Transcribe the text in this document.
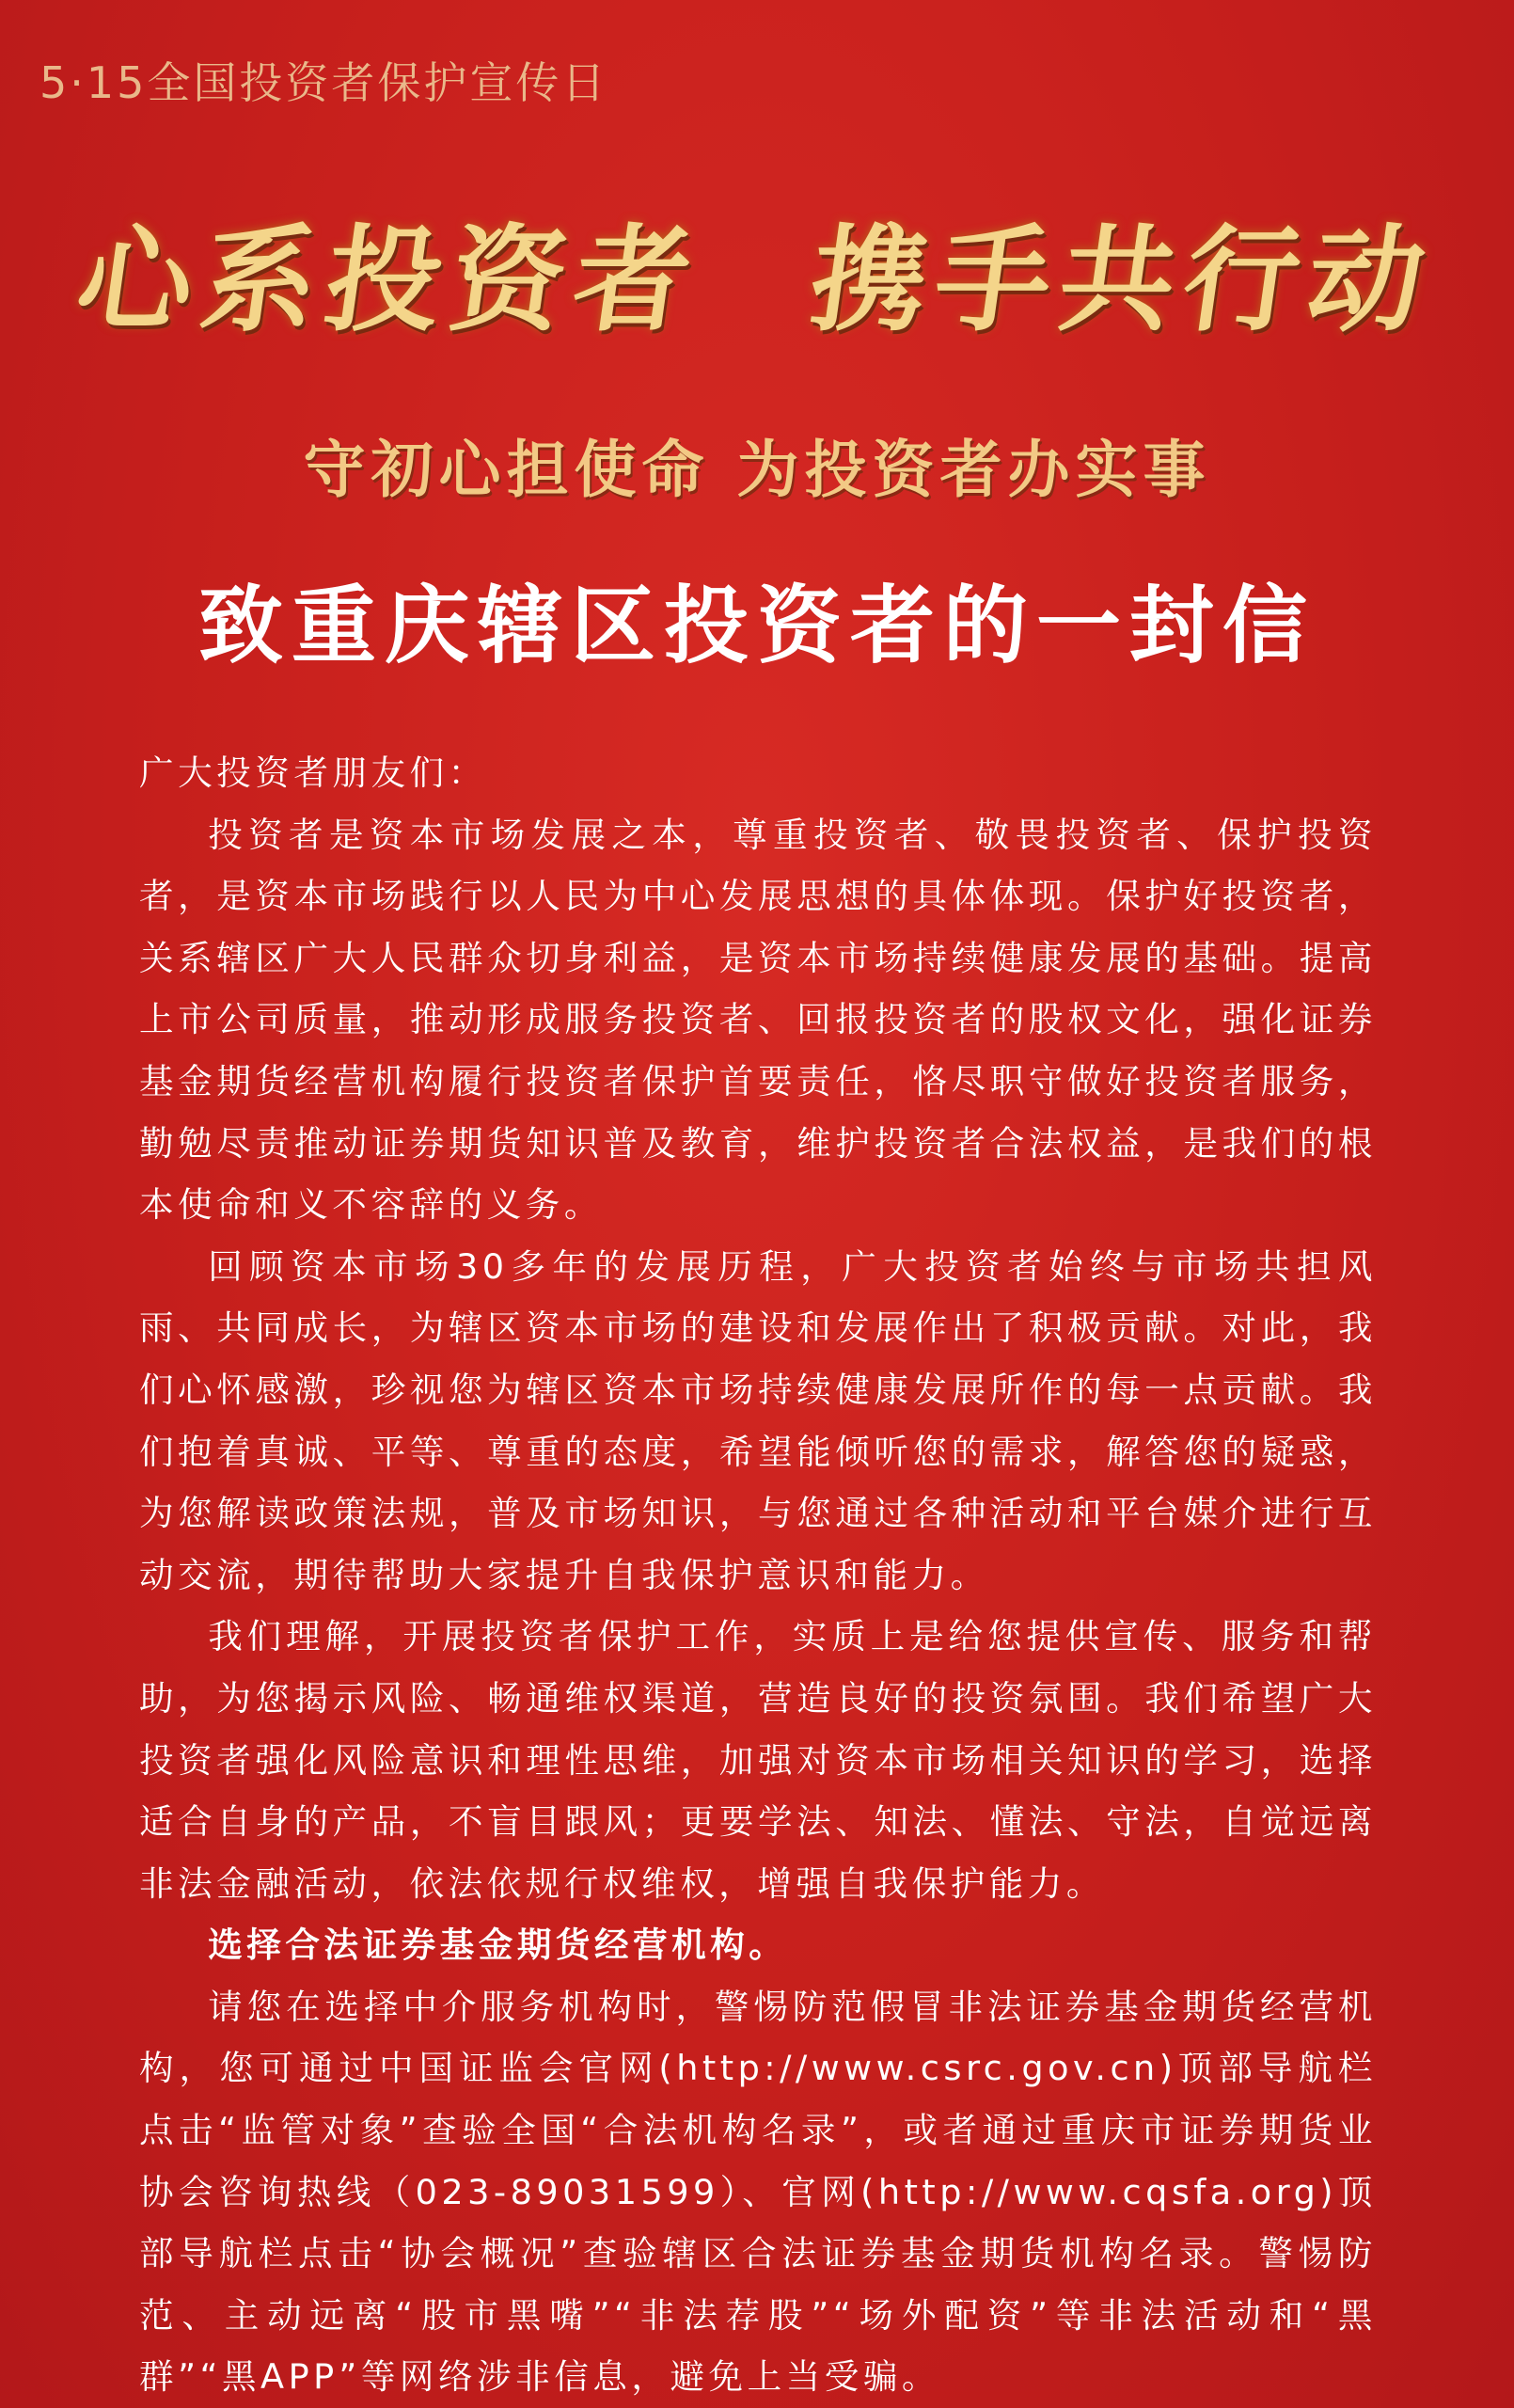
5·15全国投资者保护宣传日
心系投资者 携手共行动
守初心担使命 为投资者办实事
致重庆辖区投资者的一封信

广大投资者朋友们：

投资者是资本市场发展之本，尊重投资者、敬畏投资者、保护投资者，是资本市场践行以人民为中心发展思想的具体体现。保护好投资者，关系辖区广大人民群众切身利益，是资本市场持续健康发展的基础。提高上市公司质量，推动形成服务投资者、回报投资者的股权文化，强化证券基金期货经营机构履行投资者保护首要责任，恪尽职守做好投资者服务，勤勉尽责推动证券期货知识普及教育，维护投资者合法权益，是我们的根本使命和义不容辞的义务。

回顾资本市场30多年的发展历程，广大投资者始终与市场共担风雨、共同成长，为辖区资本市场的建设和发展作出了积极贡献。对此，我们心怀感激，珍视您为辖区资本市场持续健康发展所作的每一点贡献。我们抱着真诚、平等、尊重的态度，希望能倾听您的需求，解答您的疑惑，为您解读政策法规，普及市场知识，与您通过各种活动和平台媒介进行互动交流，期待帮助大家提升自我保护意识和能力。

我们理解，开展投资者保护工作，实质上是给您提供宣传、服务和帮助，为您揭示风险、畅通维权渠道，营造良好的投资氛围。我们希望广大投资者强化风险意识和理性思维，加强对资本市场相关知识的学习，选择适合自身的产品，不盲目跟风；更要学法、知法、懂法、守法，自觉远离非法金融活动，依法依规行权维权，增强自我保护能力。

选择合法证券基金期货经营机构。

请您在选择中介服务机构时，警惕防范假冒非法证券基金期货经营机构，您可通过中国证监会官网(http://www.csrc.gov.cn)顶部导航栏点击“监管对象”查验全国“合法机构名录”，或者通过重庆市证券期货业协会咨询热线（023-89031599）、官网(http://www.cqsfa.org)顶部导航栏点击“协会概况”查验辖区合法证券基金期货机构名录。警惕防范、主动远离“股市黑嘴”“非法荐股”“场外配资”等非法活动和“黑群”“黑APP”等网络涉非信息，避免上当受骗。
